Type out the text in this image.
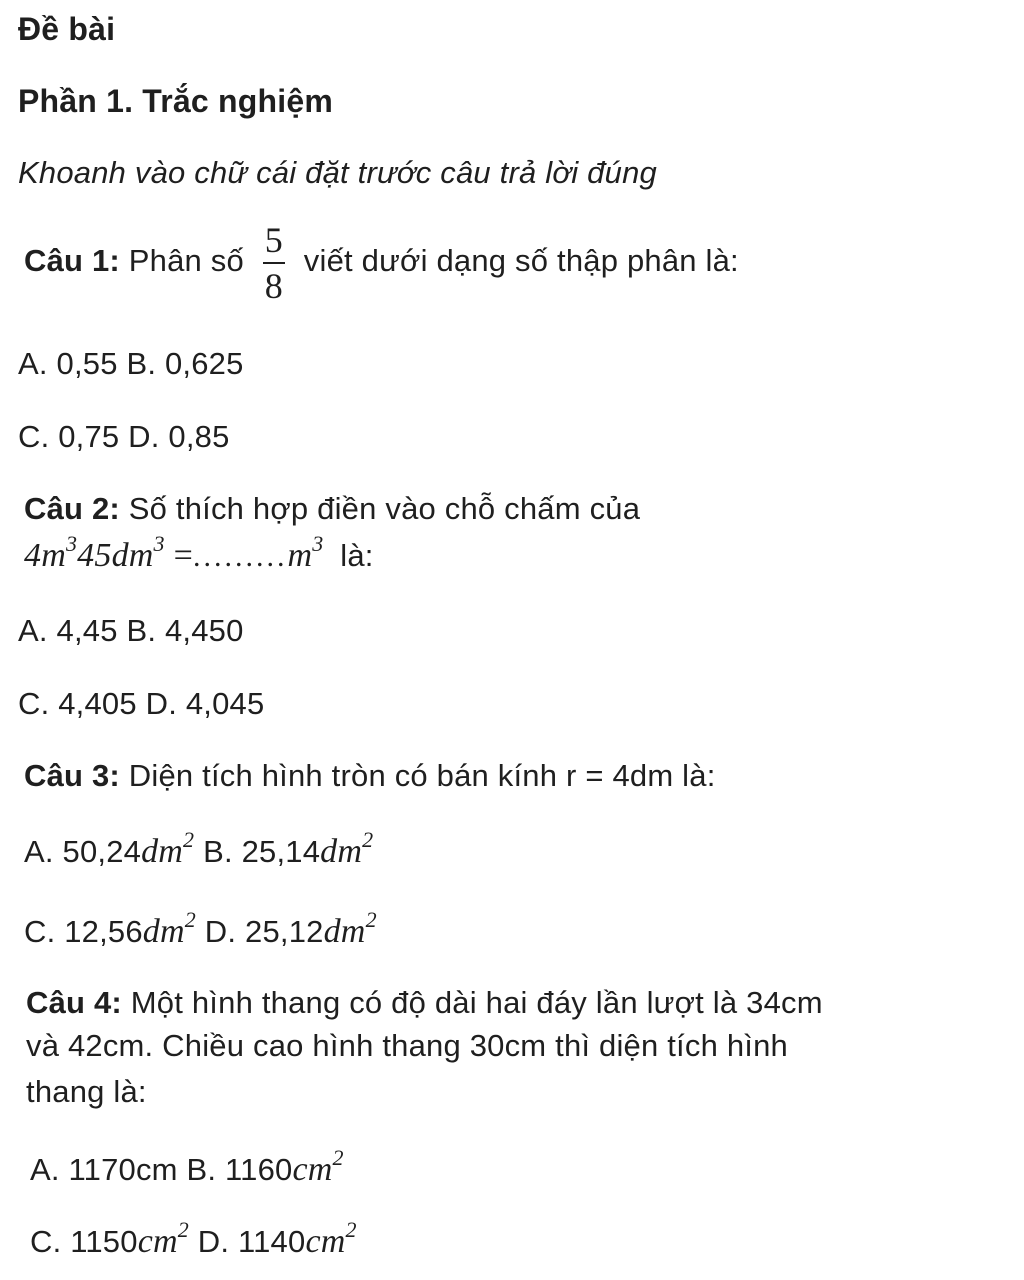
Đề bài
Phần 1. Trắc nghiệm
Khoanh vào chữ cái đặt trước câu trả lời đúng
Câu 1: Phân số $\frac{5}{8}$ viết dưới dạng số thập phân là:
A. 0,55 B. 0,625
C. 0,75 D. 0,85
Câu 2: Số thích hợp điền vào chỗ chấm của
$4m^345dm^3 =.........m^3$ là:
A. 4,45 B. 4,450
C. 4,405 D. 4,045
Câu 3: Diện tích hình tròn có bán kính r = 4dm là:
A. $50,24dm^2$ B. $25,14dm^2$
C. $12,56dm^2$ D. $25,12dm^2$
Câu 4: Một hình thang có độ dài hai đáy lần lượt là 34cm
và 42cm. Chiều cao hình thang 30cm thì diện tích hình
thang là:
A. 1170cm B. $1160cm^2$
C. $1150cm^2$ D. $1140cm^2$
